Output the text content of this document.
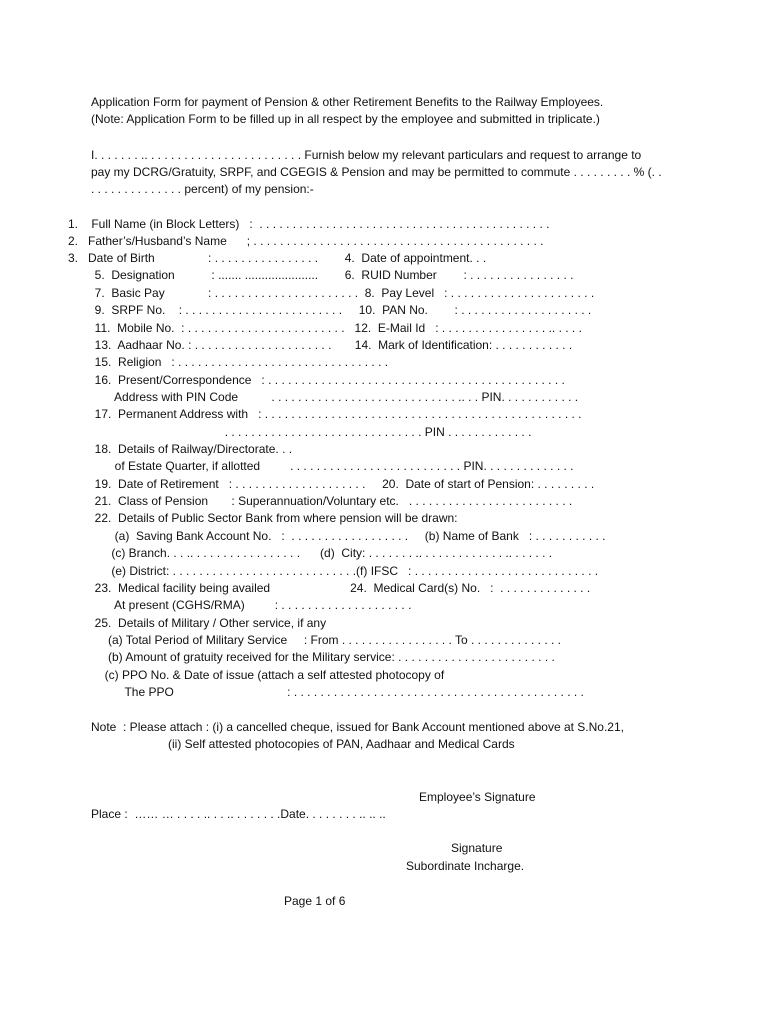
Application Form for payment of Pension & other Retirement Benefits to the Railway Employees.
(Note: Application Form to be filled up in all respect by the employee and submitted in triplicate.)
I. . . . . . . .. . . . . . . . . . . . . . . . . . . . . . . . Furnish below my relevant particulars and request to arrange to
pay my DCRG/Gratuity, SRPF, and CGEGIS & Pension and may be permitted to commute . . . . . . . . . % (. .
. . . . . . . . . . . . . . percent) of my pension:-
1.    Full Name (in Block Letters)   :  . . . . . . . . . . . . . . . . . . . . . . . . . . . . . . . . . . . . . . . . . . . .
2.   Father’s/Husband’s Name      ; . . . . . . . . . . . . . . . . . . . . . . . . . . . . . . . . . . . . . . . . . . . .
3.   Date of Birth                : . . . . . . . . . . . . . . . .        4.  Date of appointment. . .
5.  Designation           : ....... ......................        6.  RUID Number        : . . . . . . . . . . . . . . . .
7.  Basic Pay             : . . . . . . . . . . . . . . . . . . . . . .  8.  Pay Level   : . . . . . . . . . . . . . . . . . . . . . .
9.  SRPF No.    : . . . . . . . . . . . . . . . . . . . . . . . .     10.  PAN No.        : . . . . . . . . . . . . . . . . . . . .
11.  Mobile No.  : . . . . . . . . . . . . . . . . . . . . . . . .   12.  E-Mail Id   : . . . . . . . . . . . . . . . . .. . . . .
13.  Aadhaar No. : . . . . . . . . . . . . . . . . . . . . .       14.  Mark of Identification: . . . . . . . . . . . .
15.  Religion   : . . . . . . . . . . . . . . . . . . . . . . . . . . . . . . . .
16.  Present/Correspondence   : . . . . . . . . . . . . . . . . . . . . . . . . . . . . . . . . . . . . . . . . . . . . .
Address with PIN Code          . . . . . . . . . . . . . . . . . . . . . . . . . . . . .. . . PIN. . . . . . . . . . . .
17.  Permanent Address with   : . . . . . . . . . . . . . . . . . . . . . . . . . . . . . . . . . . . . . . . . . . . . . . . .
. . . . . . . . . . . . . . . . . . . . . . . . . . . . . . PIN . . . . . . . . . . . . .
18.  Details of Railway/Directorate. . .
of Estate Quarter, if allotted         . . . . . . . . . . . . . . . . . . . . . . . . . . PIN. . . . . . . . . . . . . .
19.  Date of Retirement   : . . . . . . . . . . . . . . . . . . . .     20.  Date of start of Pension: . . . . . . . . .
21.  Class of Pension       : Superannuation/Voluntary etc.   . . . . . . . . . . . . . . . . . . . . . . . . .
22.  Details of Public Sector Bank from where pension will be drawn:
(a)  Saving Bank Account No.   :  . . . . . . . . . . . . . . . . . .     (b) Name of Bank   : . . . . . . . . . . .
(c) Branch. . . .. . . . . . . . . . . . . . . . .      (d)  City: . . . . . . . .. . . . . . . . . . . . . .. . . . . . .
(e) District: . . . . . . . . . . . . . . . . . . . . . . . . . . . .(f) IFSC   : . . . . . . . . . . . . . . . . . . . . . . . . . . . .
23.  Medical facility being availed                        24.  Medical Card(s) No.   :  . . . . . . . . . . . . . .
At present (CGHS/RMA)         : . . . . . . . . . . . . . . . . . . . .
25.  Details of Military / Other service, if any
(a) Total Period of Military Service     : From . . . . . . . . . . . . . . . . . To . . . . . . . . . . . . . .
(b) Amount of gratuity received for the Military service: . . . . . . . . . . . . . . . . . . . . . . . .
(c) PPO No. & Date of issue (attach a self attested photocopy of
The PPO                                  : . . . . . . . . . . . . . . . . . . . . . . . . . . . . . . . . . . . . . . . . . . . .
Note  : Please attach : (i) a cancelled cheque, issued for Bank Account mentioned above at S.No.21,
(ii) Self attested photocopies of PAN, Aadhaar and Medical Cards
Employee’s Signature
Place :  …… … . . . . .. . . .. . . . . . . .Date. . . . . . . . .. .. ..
Signature
Subordinate Incharge.
Page 1 of 6
